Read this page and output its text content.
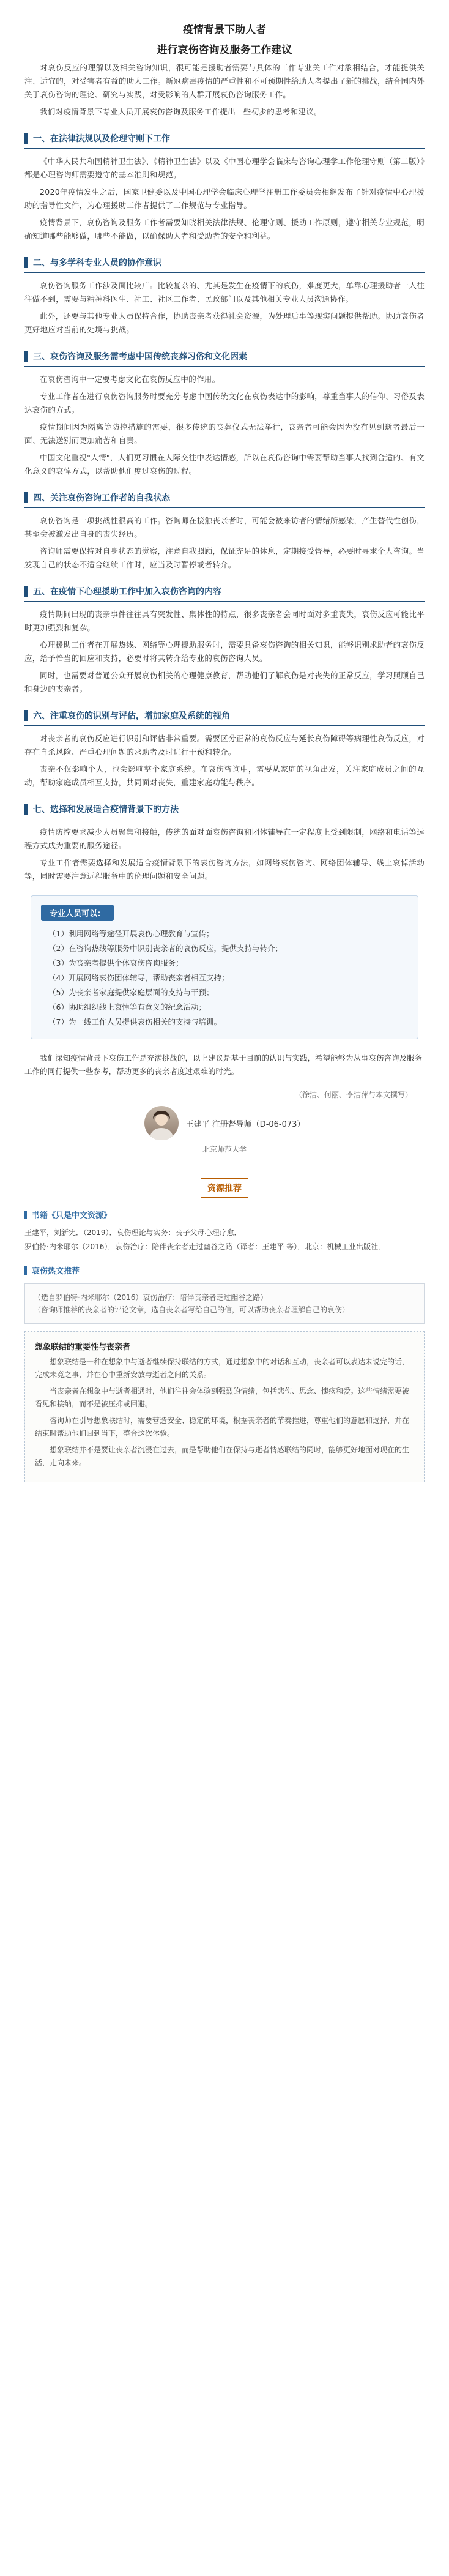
疫情背景下助人者
进行哀伤咨询及服务工作建议

对哀伤反应的理解以及相关咨询知识，很可能是援助者需要与具体的工作专业关工作对象相结合，才能提供关注、适宜的，对受害者有益的助人工作。新冠病毒疫情的严重性和不可预期性给助人者提出了新的挑战，结合国内外关于哀伤咨询的理论、研究与实践，对受影响的人群开展哀伤咨询服务工作。

我们对疫情背景下专业人员开展哀伤咨询及服务工作提出一些初步的思考和建议。

一、在法律法规以及伦理守则下工作

《中华人民共和国精神卫生法》、《精神卫生法》以及《中国心理学会临床与咨询心理学工作伦理守则（第二版）》都是心理咨询师需要遵守的基本准则和规范。

2020年疫情发生之后，国家卫健委以及中国心理学会临床心理学注册工作委员会相继发布了针对疫情中心理援助的指导性文件，为心理援助工作者提供了工作规范与专业指导。

疫情背景下，哀伤咨询及服务工作者需要知晓相关法律法规、伦理守则、援助工作原则，遵守相关专业规范，明确知道哪些能够做，哪些不能做，以确保助人者和受助者的安全和利益。

二、与多学科专业人员的协作意识

哀伤咨询服务工作涉及面比较广。比较复杂的、尤其是发生在疫情下的哀伤，难度更大，单靠心理援助者一人往往做不到，需要与精神科医生、社工、社区工作者、民政部门以及其他相关专业人员沟通协作。

此外，还要与其他专业人员保持合作，协助丧亲者获得社会资源，为处理后事等现实问题提供帮助。协助哀伤者更好地应对当前的处境与挑战。

三、哀伤咨询及服务需考虑中国传统丧葬习俗和文化因素

在哀伤咨询中一定要考虑文化在哀伤反应中的作用。

专业工作者在进行哀伤咨询服务时要充分考虑中国传统文化在哀伤表达中的影响，尊重当事人的信仰、习俗及表达哀伤的方式。

疫情期间因为隔离等防控措施的需要，很多传统的丧葬仪式无法举行，丧亲者可能会因为没有见到逝者最后一面、无法送别而更加痛苦和自责。

中国文化重视"人情"，人们更习惯在人际交往中表达情感，所以在哀伤咨询中需要帮助当事人找到合适的、有文化意义的哀悼方式，以帮助他们度过哀伤的过程。

四、关注哀伤咨询工作者的自我状态

哀伤咨询是一项挑战性很高的工作。咨询师在接触丧亲者时，可能会被来访者的情绪所感染，产生替代性创伤，甚至会被激发出自身的丧失经历。

咨询师需要保持对自身状态的觉察，注意自我照顾，保证充足的休息，定期接受督导，必要时寻求个人咨询。当发现自己的状态不适合继续工作时，应当及时暂停或者转介。

五、在疫情下心理援助工作中加入哀伤咨询的内容

疫情期间出现的丧亲事件往往具有突发性、集体性的特点，很多丧亲者会同时面对多重丧失，哀伤反应可能比平时更加强烈和复杂。

心理援助工作者在开展热线、网络等心理援助服务时，需要具备哀伤咨询的相关知识，能够识别求助者的哀伤反应，给予恰当的回应和支持，必要时将其转介给专业的哀伤咨询人员。

同时，也需要对普通公众开展哀伤相关的心理健康教育，帮助他们了解哀伤是对丧失的正常反应，学习照顾自己和身边的丧亲者。

六、注重哀伤的识别与评估，增加家庭及系统的视角

对丧亲者的哀伤反应进行识别和评估非常重要。需要区分正常的哀伤反应与延长哀伤障碍等病理性哀伤反应，对存在自杀风险、严重心理问题的求助者及时进行干预和转介。

丧亲不仅影响个人，也会影响整个家庭系统。在哀伤咨询中，需要从家庭的视角出发，关注家庭成员之间的互动，帮助家庭成员相互支持，共同面对丧失，重建家庭功能与秩序。

七、选择和发展适合疫情背景下的方法

疫情防控要求减少人员聚集和接触，传统的面对面哀伤咨询和团体辅导在一定程度上受到限制，网络和电话等远程方式成为重要的服务途径。

专业工作者需要选择和发展适合疫情背景下的哀伤咨询方法，如网络哀伤咨询、网络团体辅导、线上哀悼活动等，同时需要注意远程服务中的伦理问题和安全问题。

专业人员可以：
（1）利用网络等途径开展哀伤心理教育与宣传；
（2）在咨询热线等服务中识别丧亲者的哀伤反应，提供支持与转介；
（3）为丧亲者提供个体哀伤咨询服务；
（4）开展网络哀伤团体辅导，帮助丧亲者相互支持；
（5）为丧亲者家庭提供家庭层面的支持与干预；
（6）协助组织线上哀悼等有意义的纪念活动；
（7）为一线工作人员提供哀伤相关的支持与培训。

我们深知疫情背景下哀伤工作是充满挑战的，以上建议是基于目前的认识与实践，希望能够为从事哀伤咨询及服务工作的同行提供一些参考，帮助更多的丧亲者度过艰难的时光。

（徐洁、何丽、李洁萍与本文撰写）
王建平 注册督导师（D-06-073）
北京师范大学
资源推荐
书籍《只是中文资源》
王建平，刘新宪．（2019）．哀伤理论与实务：丧子父母心理疗愈．
罗伯特·内米耶尔（2016）．哀伤治疗：陪伴丧亲者走过幽谷之路（译者：王建平 等）．北京：机械工业出版社．
哀伤热文推荐

（选自罗伯特·内米耶尔（2016）哀伤治疗：陪伴丧亲者走过幽谷之路）

（咨询师推荐的丧亲者的评论文章，选自丧亲者写给自己的信，可以帮助丧亲者理解自己的哀伤）

想象联结的重要性与丧亲者

想象联结是一种在想象中与逝者继续保持联结的方式，通过想象中的对话和互动，丧亲者可以表达未说完的话，完成未竟之事，并在心中重新安放与逝者之间的关系。

当丧亲者在想象中与逝者相遇时，他们往往会体验到强烈的情绪，包括悲伤、思念、愧疚和爱。这些情绪需要被看见和接纳，而不是被压抑或回避。

咨询师在引导想象联结时，需要营造安全、稳定的环境，根据丧亲者的节奏推进，尊重他们的意愿和选择，并在结束时帮助他们回到当下，整合这次体验。

想象联结并不是要让丧亲者沉浸在过去，而是帮助他们在保持与逝者情感联结的同时，能够更好地面对现在的生活，走向未来。
